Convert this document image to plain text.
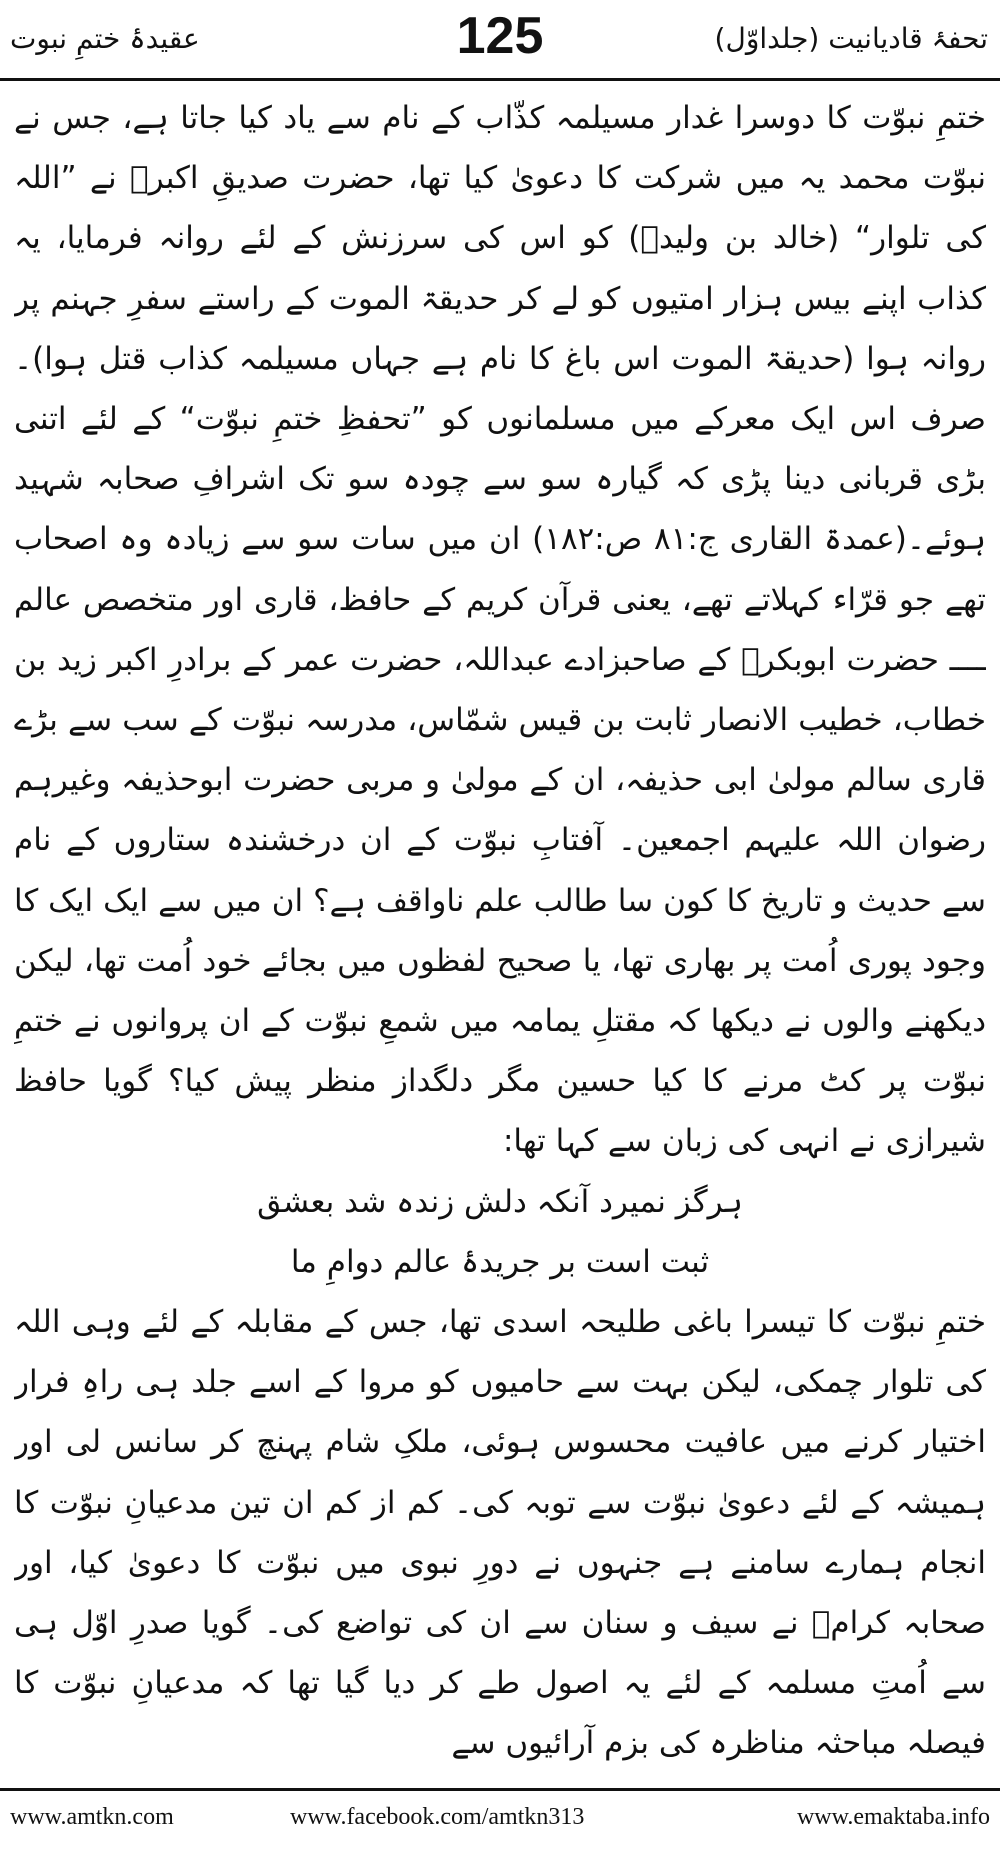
عقیدۂ ختمِ نبوت	125	تحفۂ قادیانیت (جلداوّل)

ختمِ نبوّت کا دوسرا غدار مسیلمہ کذّاب کے نام سے یاد کیا جاتا ہے، جس نے نبوّت محمد یہ میں شرکت کا دعویٰ کیا تھا، حضرت صدیقِ اکبرؓ نے ”اللہ کی تلوار“ (خالد بن ولیدؓ) کو اس کی سرزنش کے لئے روانہ فرمایا، یہ کذاب اپنے بیس ہزار امتیوں کو لے کر حدیقۃ الموت کے راستے سفرِ جہنم پر روانہ ہوا (حدیقۃ الموت اس باغ کا نام ہے جہاں مسیلمہ کذاب قتل ہوا)۔صرف اس ایک معرکے میں مسلمانوں کو ”تحفظِ ختمِ نبوّت“ کے لئے اتنی بڑی قربانی دینا پڑی کہ گیارہ سو سے چودہ سو تک اشرافِ صحابہ شہید ہوئے۔(عمدۃ القاری ج:۸۱ ص:۱۸۲) ان میں سات سو سے زیادہ وہ اصحاب تھے جو قرّاء کہلاتے تھے، یعنی قرآن کریم کے حافظ، قاری اور متخصص عالم ــــ حضرت ابوبکرؓ کے صاحبزادے عبداللہ، حضرت عمر کے برادرِ اکبر زید بن خطاب، خطیب الانصار ثابت بن قیس شمّاس، مدرسہ نبوّت کے سب سے بڑے قاری سالم مولیٰ ابی حذیفہ، ان کے مولیٰ و مربی حضرت ابوحذیفہ وغیرہم رضوان اللہ علیہم اجمعین۔ آفتابِ نبوّت کے ان درخشندہ ستاروں کے نام سے حدیث و تاریخ کا کون سا طالب علم ناواقف ہے؟ ان میں سے ایک ایک کا وجود پوری اُمت پر بھاری تھا، یا صحیح لفظوں میں بجائے خود اُمت تھا، لیکن دیکھنے والوں نے دیکھا کہ مقتلِ یمامہ میں شمعِ نبوّت کے ان پروانوں نے ختمِ نبوّت پر کٹ مرنے کا کیا حسین مگر دلگداز منظر پیش کیا؟ گویا حافظ شیرازی نے انہی کی زبان سے کہا تھا:

ہرگز نمیرد آنکہ دلش زندہ شد بعشق

ثبت است بر جریدۂ عالم دوامِ ما

ختمِ نبوّت کا تیسرا باغی طلیحہ اسدی تھا، جس کے مقابلہ کے لئے وہی اللہ کی تلوار چمکی، لیکن بہت سے حامیوں کو مروا کے اسے جلد ہی راہِ فرار اختیار کرنے میں عافیت محسوس ہوئی، ملکِ شام پہنچ کر سانس لی اور ہمیشہ کے لئے دعویٰ نبوّت سے توبہ کی۔ کم از کم ان تین مدعیانِ نبوّت کا انجام ہمارے سامنے ہے جنہوں نے دورِ نبوی میں نبوّت کا دعویٰ کیا، اور صحابہ کرامؓ نے سیف و سنان سے ان کی تواضع کی۔ گویا صدرِ اوّل ہی سے اُمتِ مسلمہ کے لئے یہ اصول طے کر دیا گیا تھا کہ مدعیانِ نبوّت کا فیصلہ مباحثہ مناظرہ کی بزم آرائیوں سے

www.amtkn.com	www.facebook.com/amtkn313	www.emaktaba.info
